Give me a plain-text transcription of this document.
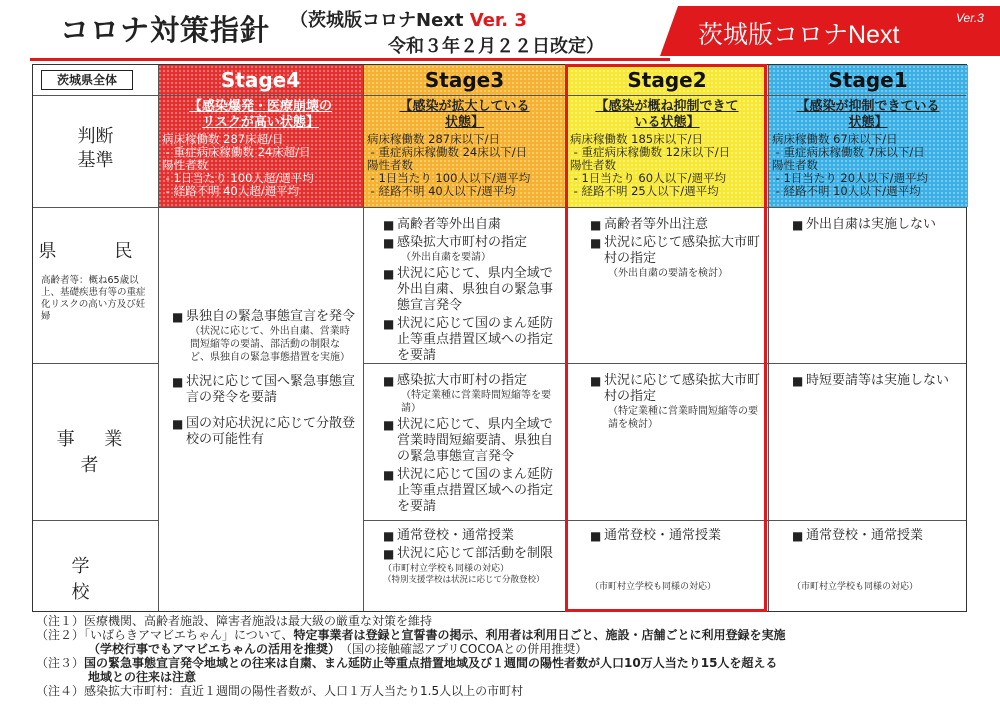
コロナ対策指針 （茨城版コロナNext Ver. 3
令和３年２月２２日改定）	茨城版コロナNext
Ver.3
茨城県全体	Stage4	Stage3	Stage2	Stage1
判断
基準
【感染爆発・医療崩壊の
リスクが高い状態】
病床稼働数 287床超/日
- 重症病床稼働数 24床超/日
陽性者数
- 1日当たり 100人超/週平均
- 経路不明 40人超/週平均
【感染が拡大している
状態】
病床稼働数 287床以下/日
- 重症病床稼働数 24床以下/日
陽性者数
- 1日当たり 100人以下/週平均
- 経路不明 40人以下/週平均
【感染が概ね抑制できて
いる状態】
病床稼働数 185床以下/日
- 重症病床稼働数 12床以下/日
陽性者数
- 1日当たり 60人以下/週平均
- 経路不明 25人以下/週平均
【感染が抑制できている
状態】
病床稼働数 67床以下/日
- 重症病床稼働数 7床以下/日
陽性者数
- 1日当たり 20人以下/週平均
- 経路不明 10人以下/週平均
県　民
高齢者等：概ね65歳以上、基礎疾患有等の重症化リスクの高い方及び妊婦
■	県独自の緊急事態宣言を発令
（状況に応じて、外出自粛、営業時間短縮等の要請、部活動の制限など、県独自の緊急事態措置を実施）
■ 状況に応じて国へ緊急事態宣言の発令を要請
■ 国の対応状況に応じて分散登校の可能性有
■ 高齢者等外出自粛
■ 感染拡大市町村の指定
（外出自粛を要請）
■ 状況に応じて、県内全域で外出自粛、県独自の緊急事態宣言発令
■ 状況に応じて国のまん延防止等重点措置区域への指定を要請
■ 高齢者等外出注意
■ 状況に応じて感染拡大市町村の指定
（外出自粛の要請を検討）
■ 外出自粛は実施しない
事 業 者
■ 感染拡大市町村の指定
（特定業種に営業時間短縮等を要請）
■ 状況に応じて、県内全域で営業時間短縮要請、県独自の緊急事態宣言発令
■ 状況に応じて国のまん延防止等重点措置区域への指定を要請
■ 状況に応じて感染拡大市町村の指定
（特定業種に営業時間短縮等の要請を検討）
■ 時短要請等は実施しない
学　校
■ 通常登校・通常授業
■ 状況に応じて部活動を制限
（市町村立学校も同様の対応）
（特別支援学校は状況に応じて分散登校）
■ 通常登校・通常授業
（市町村立学校も同様の対応）
■ 通常登校・通常授業
（市町村立学校も同様の対応）
（注１）医療機関、高齢者施設、障害者施設は最大級の厳重な対策を維持
（注２）「いばらきアマビエちゃん」について、特定事業者は登録と宣誓書の掲示、利用者は利用日ごと、施設・店舗ごとに利用登録を実施
（学校行事でもアマビエちゃんの活用を推奨）　 （国の接触確認アプリCOCOAとの併用推奨）
（注３）国の緊急事態宣言発令地域との往来は自粛、まん延防止等重点措置地域及び１週間の陽性者数が人口10万人当たり15人を超える
地域との往来は注意
（注４）感染拡大市町村：直近１週間の陽性者数が、人口１万人当たり1.5人以上の市町村
